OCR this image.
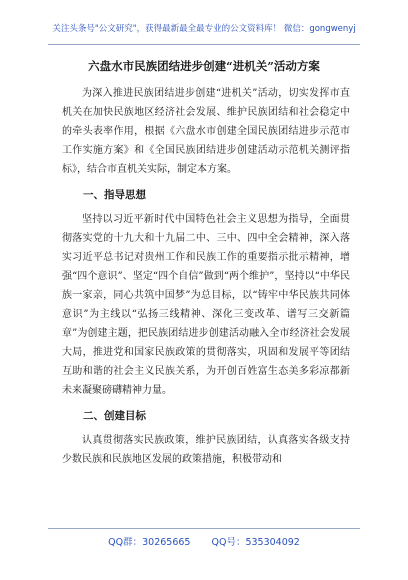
关注头条号"公文研究"，获得最新最全最专业的公文资料库！ 微信：gongwenyj
六盘水市民族团结进步创建“进机关”活动方案

为深入推进民族团结进步创建“进机关”活动，切实发挥市直机关在加快民族地区经济社会发展、维护民族团结和社会稳定中的牵头表率作用，根据《六盘水市创建全国民族团结进步示范市工作实施方案》和《全国民族团结进步创建活动示范机关测评指标》，结合市直机关实际，制定本方案。

一、指导思想

坚持以习近平新时代中国特色社会主义思想为指导，全面贯彻落实党的十九大和十九届二中、三中、四中全会精神，深入落实习近平总书记对贵州工作和民族工作的重要指示批示精神，增强“四个意识”、坚定“四个自信”做到“两个维护”，坚持以“中华民族一家亲，同心共筑中国梦”为总目标，以“铸牢中华民族共同体意识”为主线以“弘扬三线精神、深化三变改革、谱写三交新篇章”为创建主题，把民族团结进步创建活动融入全市经济社会发展大局，推进党和国家民族政策的贯彻落实，巩固和发展平等团结互助和谐的社会主义民族关系，为开创百姓富生态美多彩凉都新未来凝聚磅礴精神力量。

二、创建目标

认真贯彻落实民族政策，维护民族团结，认真落实各级支持少数民族和民族地区发展的政策措施，积极带动和

QQ群：30265665 QQ号：535304092
